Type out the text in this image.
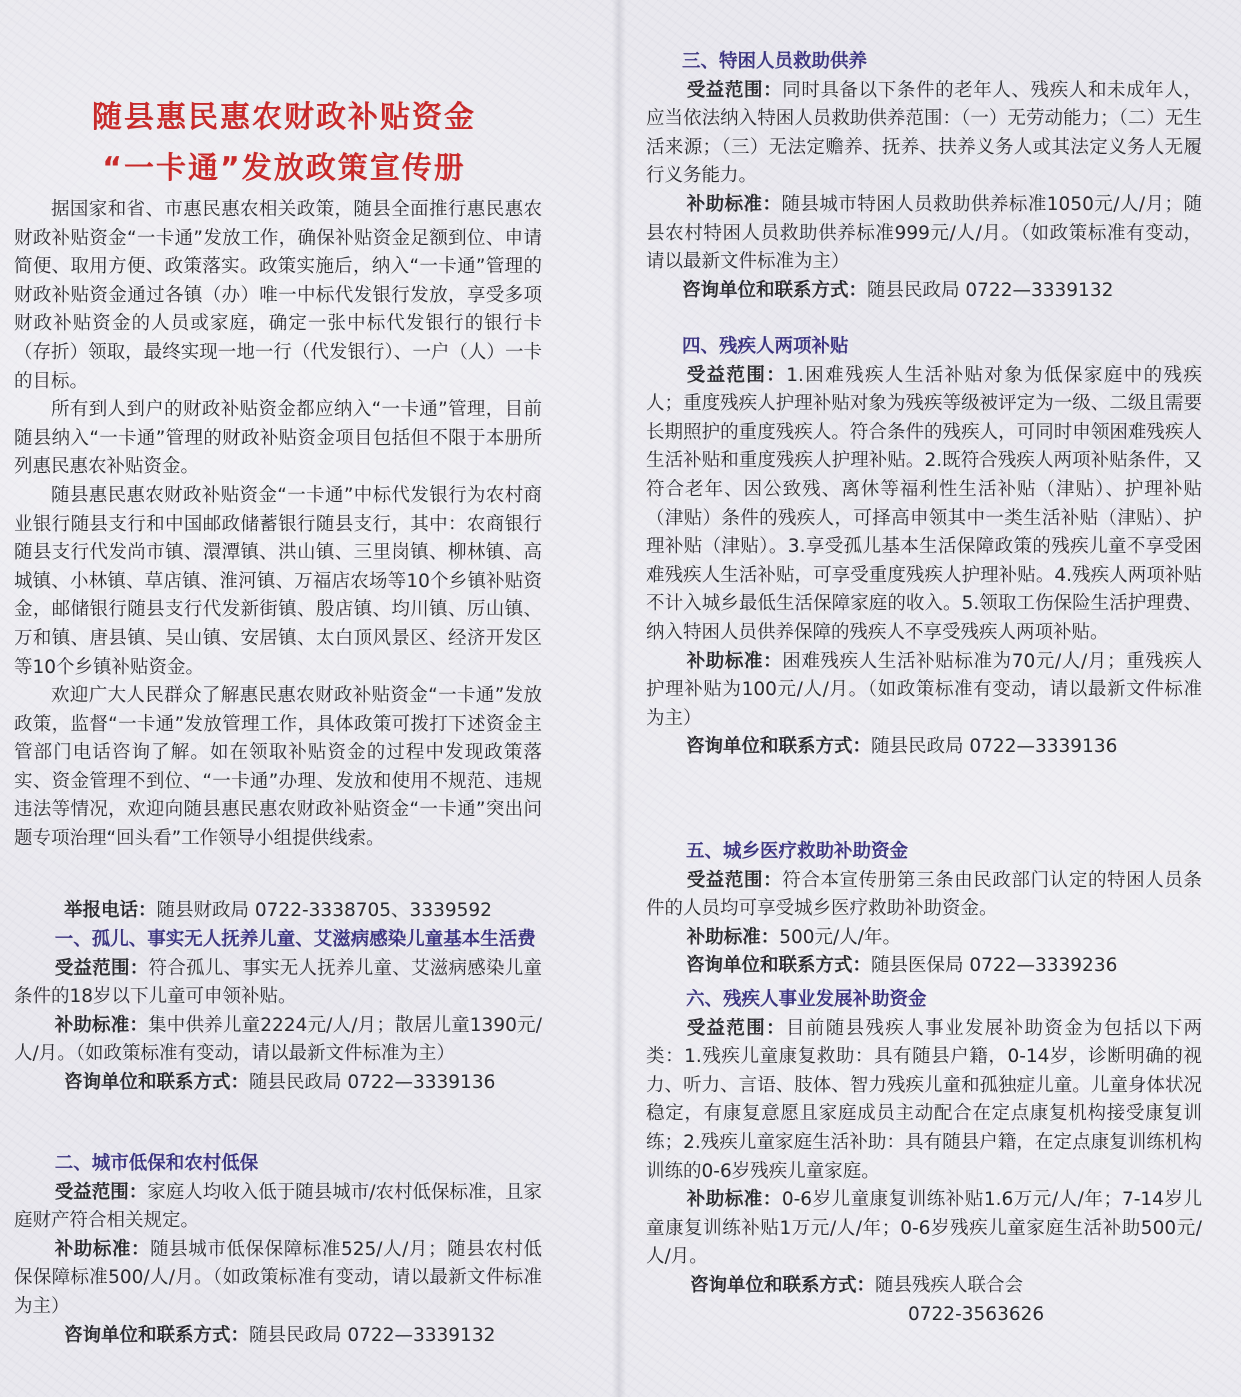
随县惠民惠农财政补贴资金
“一卡通”发放政策宣传册

据国家和省、市惠民惠农相关政策，随县全面推行惠民惠农财政补贴资金“一卡通”发放工作，确保补贴资金足额到位、申请简便、取用方便、政策落实。政策实施后，纳入“一卡通”管理的财政补贴资金通过各镇（办）唯一中标代发银行发放，享受多项财政补贴资金的人员或家庭，确定一张中标代发银行的银行卡（存折）领取，最终实现一地一行（代发银行）、一户（人）一卡的目标。

所有到人到户的财政补贴资金都应纳入“一卡通”管理，目前随县纳入“一卡通”管理的财政补贴资金项目包括但不限于本册所列惠民惠农补贴资金。

随县惠民惠农财政补贴资金“一卡通”中标代发银行为农村商业银行随县支行和中国邮政储蓄银行随县支行，其中：农商银行随县支行代发尚市镇、澴潭镇、洪山镇、三里岗镇、柳林镇、高城镇、小林镇、草店镇、淮河镇、万福店农场等10个乡镇补贴资金，邮储银行随县支行代发新街镇、殷店镇、均川镇、厉山镇、万和镇、唐县镇、吴山镇、安居镇、太白顶风景区、经济开发区等10个乡镇补贴资金。

欢迎广大人民群众了解惠民惠农财政补贴资金“一卡通”发放政策，监督“一卡通”发放管理工作，具体政策可拨打下述资金主管部门电话咨询了解。如在领取补贴资金的过程中发现政策落实、资金管理不到位、“一卡通”办理、发放和使用不规范、违规违法等情况，欢迎向随县惠民惠农财政补贴资金“一卡通”突出问题专项治理“回头看”工作领导小组提供线索。

举报电话：随县财政局 0722-3338705、3339592

一、孤儿、事实无人抚养儿童、艾滋病感染儿童基本生活费

受益范围：符合孤儿、事实无人抚养儿童、艾滋病感染儿童条件的18岁以下儿童可申领补贴。

补助标准：集中供养儿童2224元/人/月；散居儿童1390元/人/月。（如政策标准有变动，请以最新文件标准为主）

咨询单位和联系方式：随县民政局 0722—3339136

二、城市低保和农村低保

受益范围：家庭人均收入低于随县城市/农村低保标准，且家庭财产符合相关规定。

补助标准：随县城市低保保障标准525/人/月；随县农村低保保障标准500/人/月。（如政策标准有变动，请以最新文件标准为主）

咨询单位和联系方式：随县民政局 0722—3339132

三、特困人员救助供养

受益范围：同时具备以下条件的老年人、残疾人和未成年人，应当依法纳入特困人员救助供养范围：（一）无劳动能力；（二）无生活来源；（三）无法定赡养、抚养、扶养义务人或其法定义务人无履行义务能力。

补助标准：随县城市特困人员救助供养标准1050元/人/月；随县农村特困人员救助供养标准999元/人/月。（如政策标准有变动，请以最新文件标准为主）

咨询单位和联系方式：随县民政局 0722—3339132

四、残疾人两项补贴

受益范围：1.困难残疾人生活补贴对象为低保家庭中的残疾人；重度残疾人护理补贴对象为残疾等级被评定为一级、二级且需要长期照护的重度残疾人。符合条件的残疾人，可同时申领困难残疾人生活补贴和重度残疾人护理补贴。2.既符合残疾人两项补贴条件，又符合老年、因公致残、离休等福利性生活补贴（津贴）、护理补贴（津贴）条件的残疾人，可择高申领其中一类生活补贴（津贴）、护理补贴（津贴）。3.享受孤儿基本生活保障政策的残疾儿童不享受困难残疾人生活补贴，可享受重度残疾人护理补贴。4.残疾人两项补贴不计入城乡最低生活保障家庭的收入。5.领取工伤保险生活护理费、纳入特困人员供养保障的残疾人不享受残疾人两项补贴。

补助标准：困难残疾人生活补贴标准为70元/人/月；重残疾人护理补贴为100元/人/月。（如政策标准有变动，请以最新文件标准为主）

咨询单位和联系方式：随县民政局 0722—3339136

五、城乡医疗救助补助资金

受益范围：符合本宣传册第三条由民政部门认定的特困人员条件的人员均可享受城乡医疗救助补助资金。

补助标准：500元/人/年。

咨询单位和联系方式：随县医保局 0722—3339236

六、残疾人事业发展补助资金

受益范围：目前随县残疾人事业发展补助资金为包括以下两类：1.残疾儿童康复救助：具有随县户籍，0-14岁，诊断明确的视力、听力、言语、肢体、智力残疾儿童和孤独症儿童。儿童身体状况稳定，有康复意愿且家庭成员主动配合在定点康复机构接受康复训练；2.残疾儿童家庭生活补助：具有随县户籍，在定点康复训练机构训练的0-6岁残疾儿童家庭。

补助标准：0-6岁儿童康复训练补贴1.6万元/人/年；7-14岁儿童康复训练补贴1万元/人/年；0-6岁残疾儿童家庭生活补助500元/人/月。

咨询单位和联系方式：随县残疾人联合会

0722-3563626
